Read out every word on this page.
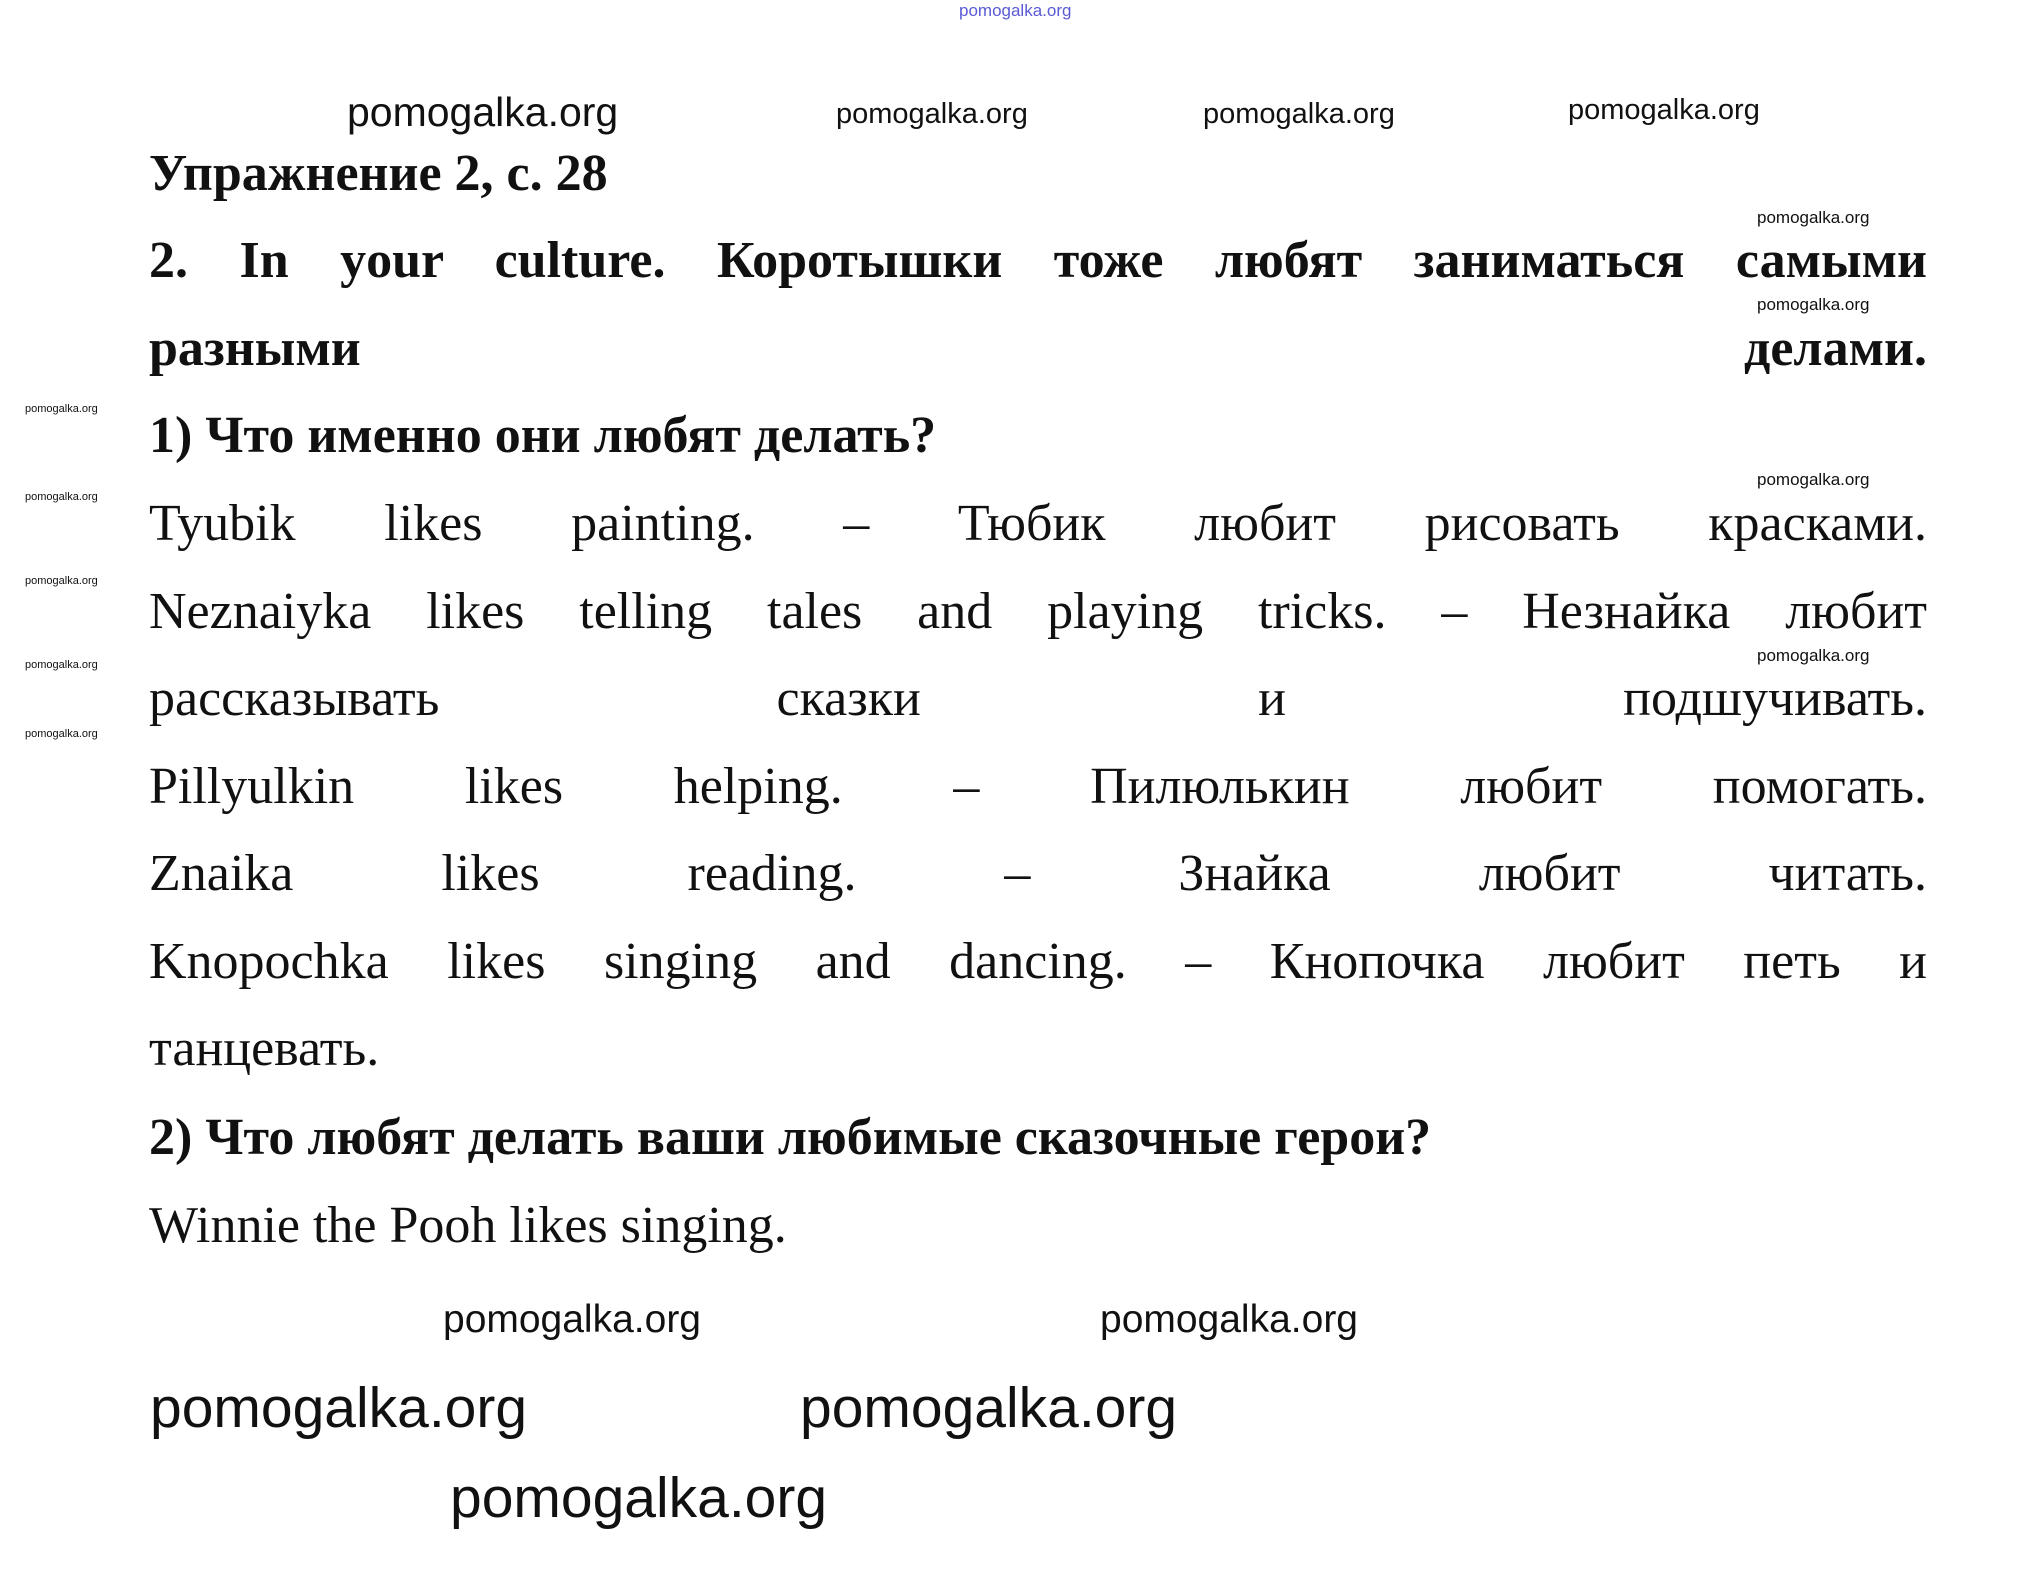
pomogalka.org
pomogalka.org	pomogalka.org	pomogalka.org	pomogalka.org
pomogalka.org
pomogalka.org
pomogalka.org
pomogalka.org
pomogalka.org
pomogalka.org
pomogalka.org
pomogalka.org
pomogalka.org
pomogalka.org
pomogalka.org
pomogalka.org
pomogalka.org
pomogalka.org
Упражнение 2, с. 28
2. In your culture. Коротышки тоже любят заниматься самыми
разными	делами.
1) Что именно они любят делать?
Tyubik likes painting. – Тюбик любит рисовать красками.
Neznaiyka likes telling tales and playing tricks. – Незнайка любит
рассказывать сказки и подшучивать.
Pillyulkin likes helping. – Пилюлькин любит помогать.
Znaika likes reading. – Знайка любит читать.
Knopochka likes singing and dancing. – Кнопочка любит петь и
танцевать.
2) Что любят делать ваши любимые сказочные герои?
Winnie the Pooh likes singing.
